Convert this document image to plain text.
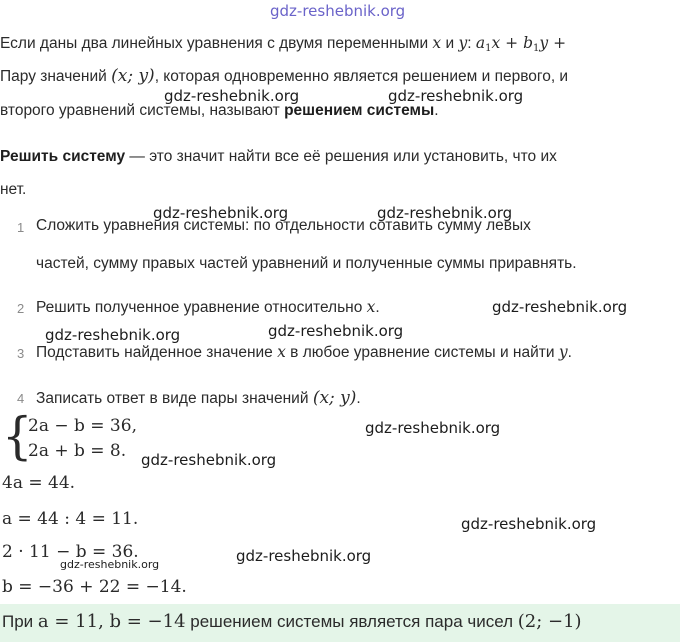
gdz-reshebnik.org
Если даны два линейных уравнения с двумя переменными x и y: $a_1x + b_1y$ +
Пару значений (x; y), которая одновременно является решением и первого, и
gdz-reshebnik.org	gdz-reshebnik.org
второго уравнений системы, называют решением системы.
Решить систему — это значит найти все её решения или установить, что их
нет.
gdz-reshebnik.org	gdz-reshebnik.org
1 Сложить уравнения системы: по отдельности сотавить сумму левых
частей, сумму правых частей уравнений и полученные суммы приравнять.
2 Решить полученное уравнение относительно x.	gdz-reshebnik.org
gdz-reshebnik.org	gdz-reshebnik.org
3 Подставить найденное значение x в любое уравнение системы и найти y.
4 Записать ответ в виде пары значений (x; y).
{
2a − b = 36,
2a + b = 8.
gdz-reshebnik.org
gdz-reshebnik.org
4a = 44.
a = 44 : 4 = 11.	gdz-reshebnik.org
2 · 11 − b = 36.	gdz-reshebnik.org
gdz-reshebnik.org
b = −36 + 22 = −14.
При a = 11, b = −14 решением системы является пара чисел (2; −1)
